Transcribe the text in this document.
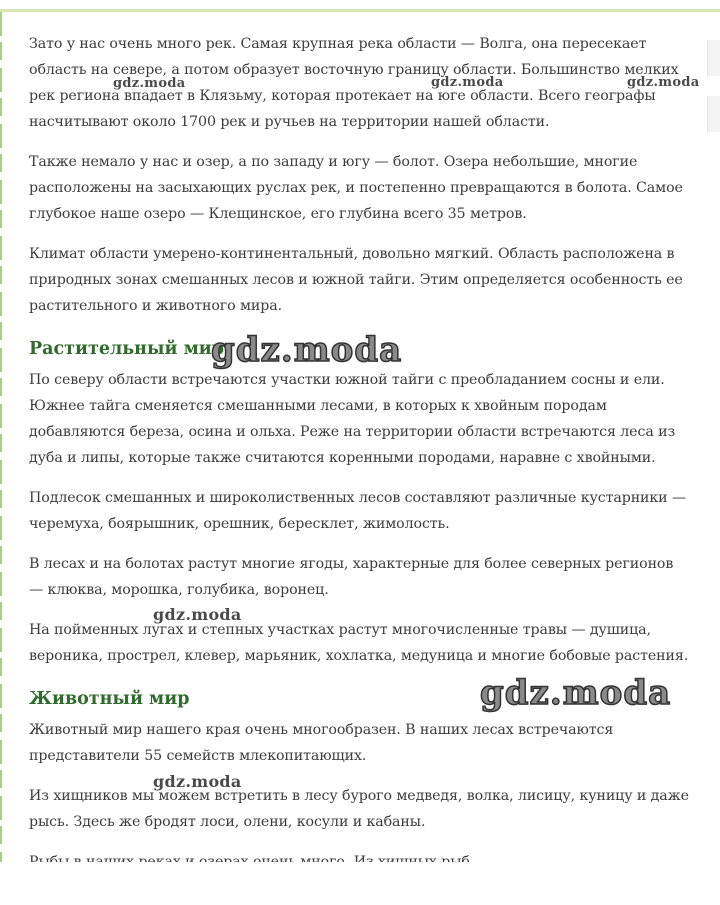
Зато у нас очень много рек. Самая крупная река области — Волга, она пересекает область на севере, а потом образует восточную границу области. Большинство мелких рек региона впадает в Клязьму, которая протекает на юге области. Всего географы насчитывают около 1700 рек и ручьев на территории нашей области.

Также немало у нас и озер, а по западу и югу — болот. Озера небольшие, многие расположены на засыхающих руслах рек, и постепенно превращаются в болота. Самое глубокое наше озеро — Клещинское, его глубина всего 35 метров.

Климат области умерено-континентальный, довольно мягкий. Область расположена в природных зонах смешанных лесов и южной тайги. Этим определяется особенность ее растительного и животного мира.

Растительный мир

По северу области встречаются участки южной тайги с преобладанием сосны и ели. Южнее тайга сменяется смешанными лесами, в которых к хвойным породам добавляются береза, осина и ольха. Реже на территории области встречаются леса из дуба и липы, которые также считаются коренными породами, наравне с хвойными.

Подлесок смешанных и широколиственных лесов составляют различные кустарники — черемуха, боярышник, орешник, бересклет, жимолость.

В лесах и на болотах растут многие ягоды, характерные для более северных регионов — клюква, морошка, голубика, воронец.

На пойменных лугах и степных участках растут многочисленные травы — душица, вероника, прострел, клевер, марьяник, хохлатка, медуница и многие бобовые растения.

Животный мир

Животный мир нашего края очень многообразен. В наших лесах встречаются представители 55 семейств млекопитающих.

Из хищников мы можем встретить в лесу бурого медведя, волка, лисицу, куницу и даже рысь. Здесь же бродят лоси, олени, косули и кабаны.

gdz.moda	gdz.moda	gdz.moda
gdz.moda
gdz.moda
gdz.moda
gdz.moda
